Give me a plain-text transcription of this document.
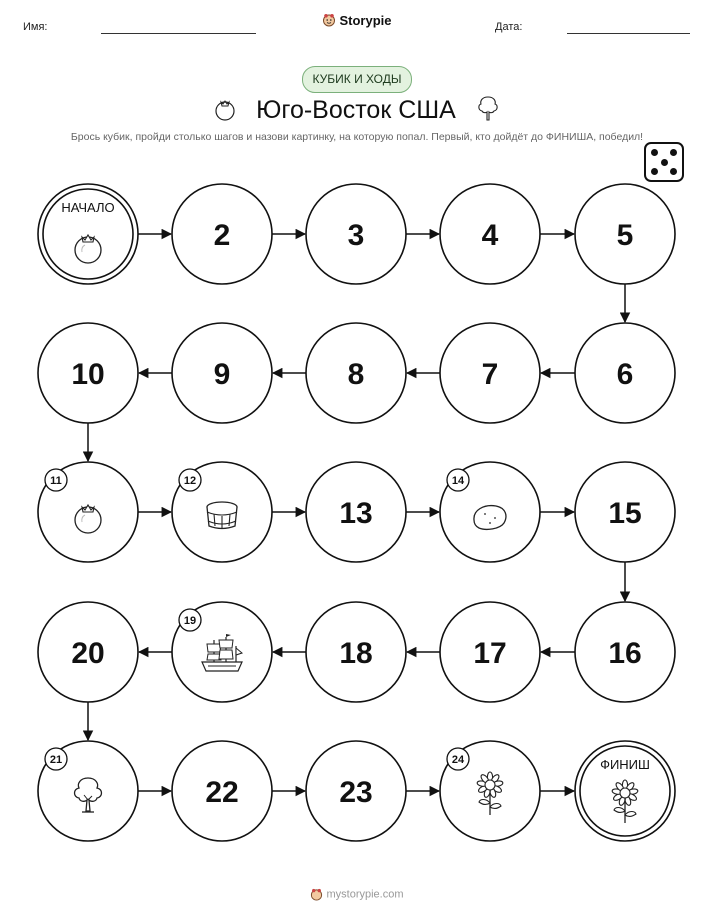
Имя:	Storypie	Дата:
КУБИК И ХОДЫ
Юго-Восток США
Брось кубик, пройди столько шагов и назови картинку, на которую попал. Первый, кто дойдёт до ФИНИША, победил!
НАЧАЛО
2	3	4	5
6
7
8
9
10
11	12
13
14
15
16
17
18
19
20
21
22	23
24	ФИНИШ
mystorypie.com
